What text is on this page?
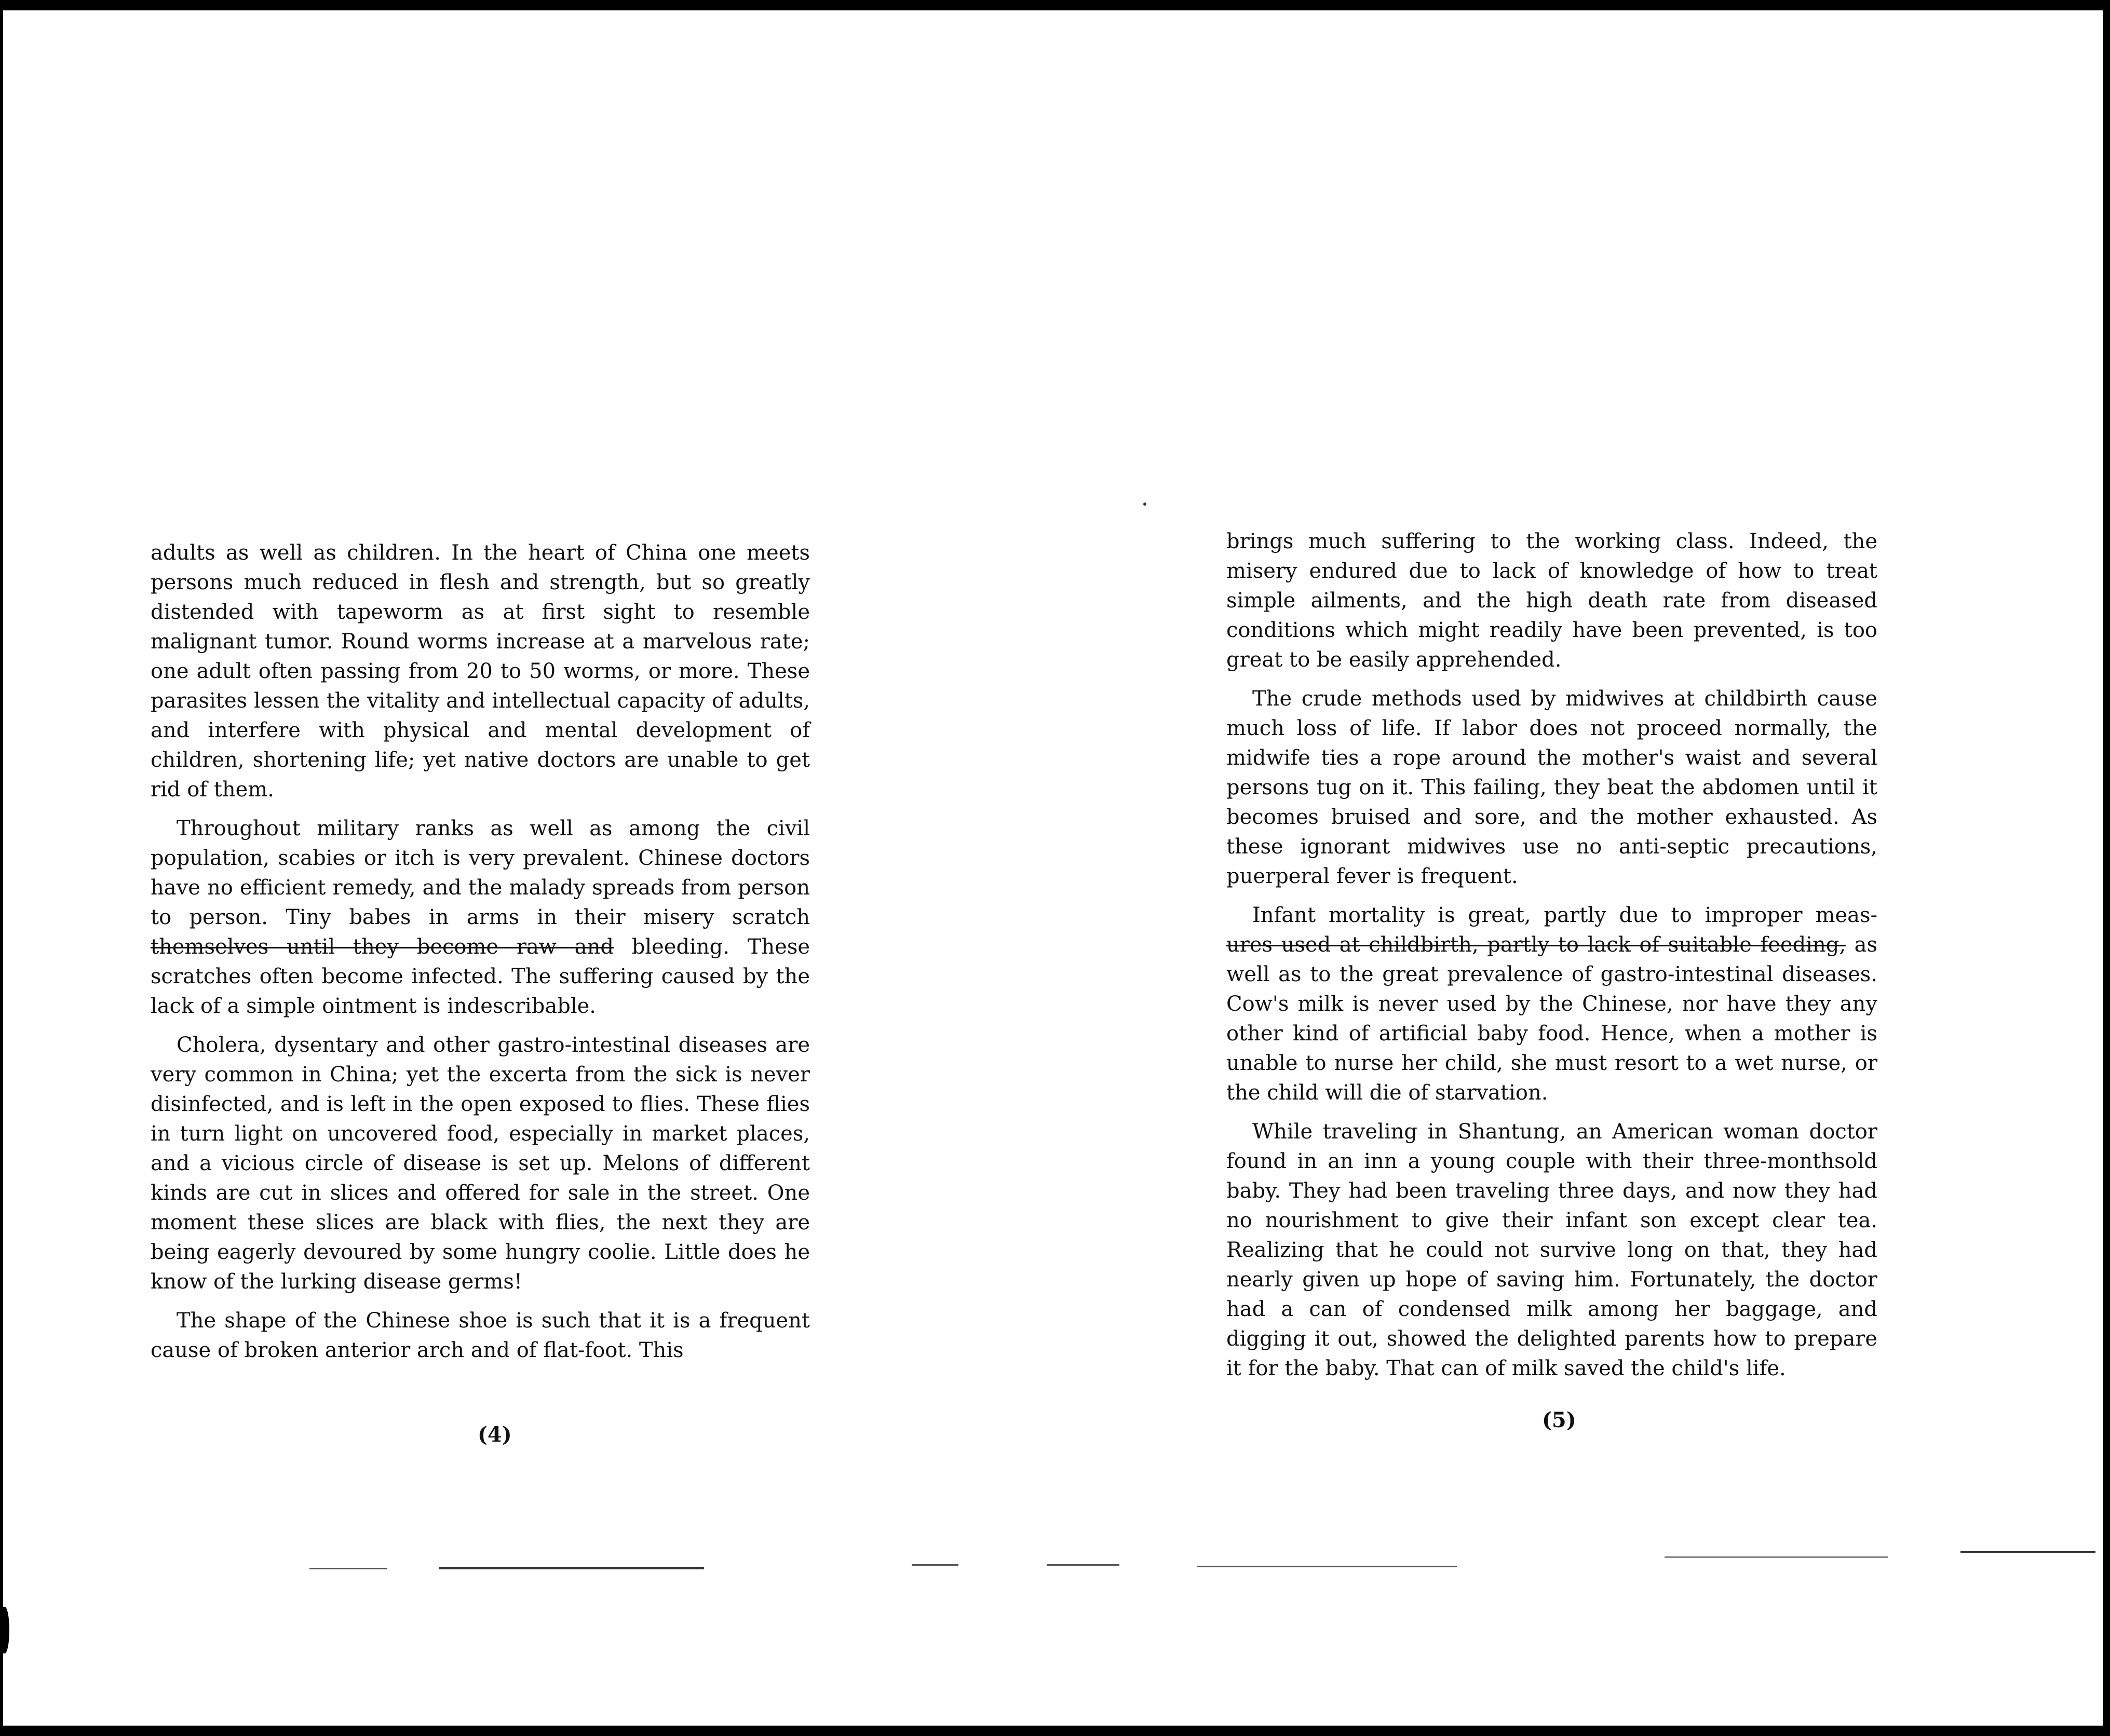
adults as well as children. In the heart of China one meets persons much reduced in flesh and strength, but so greatly distended with tapeworm as at first sight to resemble malignant tumor. Round worms increase at a marvelous rate; one adult often passing from 20 to 50 worms, or more. These parasites lessen the vitality and intellectual capacity of adults, and interfere with physical and mental development of children, shortening life; yet native doctors are unable to get rid of them.

Throughout military ranks as well as among the civil population, scabies or itch is very prevalent. Chinese doctors have no efficient remedy, and the malady spreads from person to person. Tiny babes in arms in their misery scratch themselves until they become raw and bleeding. These scratches often become infected. The suffering caused by the lack of a simple ointment is indescribable.

Cholera, dysentary and other gastro-intestinal diseases are very common in China; yet the excerta from the sick is never disinfected, and is left in the open exposed to flies. These flies in turn light on uncovered food, especially in market places, and a vicious circle of disease is set up. Melons of different kinds are cut in slices and offered for sale in the street. One moment these slices are black with flies, the next they are being eagerly devoured by some hungry coolie. Little does he know of the lurking disease germs!

The shape of the Chinese shoe is such that it is a frequent cause of broken anterior arch and of flat-foot. This

brings much suffering to the working class. Indeed, the misery endured due to lack of knowledge of how to treat simple ailments, and the high death rate from diseased conditions which might readily have been prevented, is too great to be easily apprehended.

The crude methods used by midwives at childbirth cause much loss of life. If labor does not proceed normally, the midwife ties a rope around the mother's waist and several persons tug on it. This failing, they beat the abdomen until it becomes bruised and sore, and the mother exhausted. As these ignorant midwives use no anti-septic precautions, puerperal fever is frequent.

Infant mortality is great, partly due to improper meas- ures used at childbirth, partly to lack of suitable feeding, as well as to the great prevalence of gastro-intestinal diseases. Cow's milk is never used by the Chinese, nor have they any other kind of artificial baby food. Hence, when a mother is unable to nurse her child, she must resort to a wet nurse, or the child will die of starvation.

While traveling in Shantung, an American woman doctor found in an inn a young couple with their three-monthsold baby. They had been traveling three days, and now they had no nourishment to give their infant son except clear tea. Realizing that he could not survive long on that, they had nearly given up hope of saving him. Fortunately, the doctor had a can of condensed milk among her baggage, and digging it out, showed the delighted parents how to prepare it for the baby. That can of milk saved the child's life.

(4)
(5)
